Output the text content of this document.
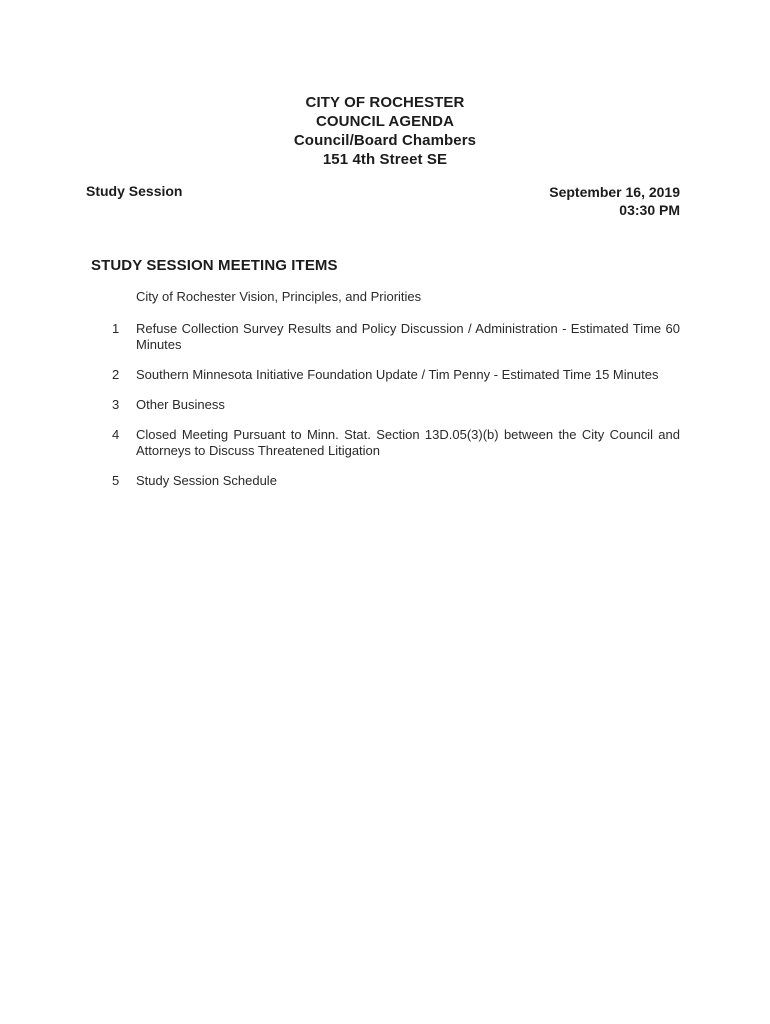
CITY OF ROCHESTER
COUNCIL AGENDA
Council/Board Chambers
151 4th Street SE
Study Session	September 16, 2019
03:30 PM
STUDY SESSION MEETING ITEMS
City of Rochester Vision, Principles, and Priorities
1	Refuse Collection Survey Results and Policy Discussion / Administration - Estimated Time 60 Minutes
2	Southern Minnesota Initiative Foundation Update / Tim Penny - Estimated Time 15 Minutes
3	Other Business
4	Closed Meeting Pursuant to Minn. Stat. Section 13D.05(3)(b) between the City Council and Attorneys to Discuss Threatened Litigation
5	Study Session Schedule
